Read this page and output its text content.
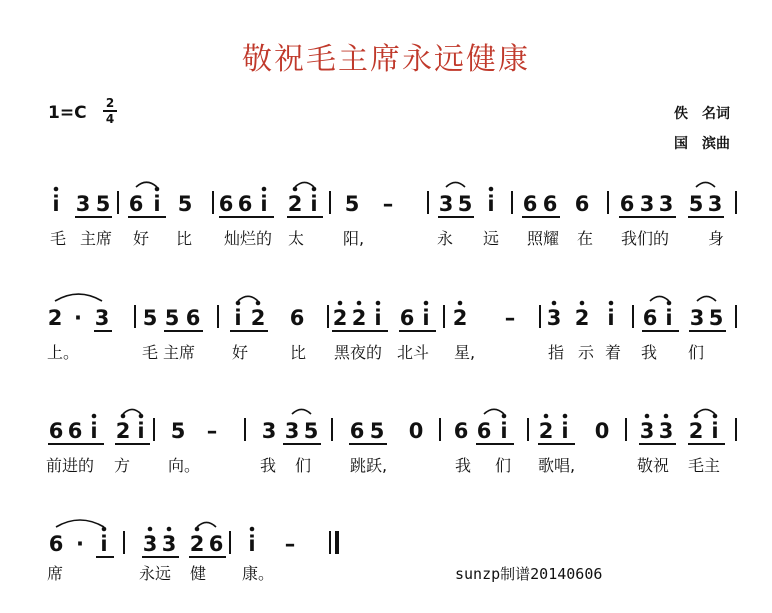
敬祝毛主席永远健康
1=C 2
4	佚　名词
国　滨曲
i 3 5 6 i 5 6 6 i 2 i 5 – 3 5 i 6 6 6 6 3 3 5 3
毛 主席 好 比 灿烂的 太 阳,	永 远 照耀 在 我们的 身
2 · 3 5 5 6 i 2 6 2 2 i 6 i 2 – 3 2 i 6 i 3 5
上。	毛 主席 好	比 黑夜的 北斗 星,	指 示 着 我 们
6 6 i 2 i 5 – 3 3 5 6 5 0 6 6 i 2 i 0 3 3 2 i
前进的 方 向。	我 们 跳跃,	我 们 歌唱,	敬祝 毛主
6 · i 3 3 2 6 i –
席	永远 健 康。	sunzp制谱20140606
